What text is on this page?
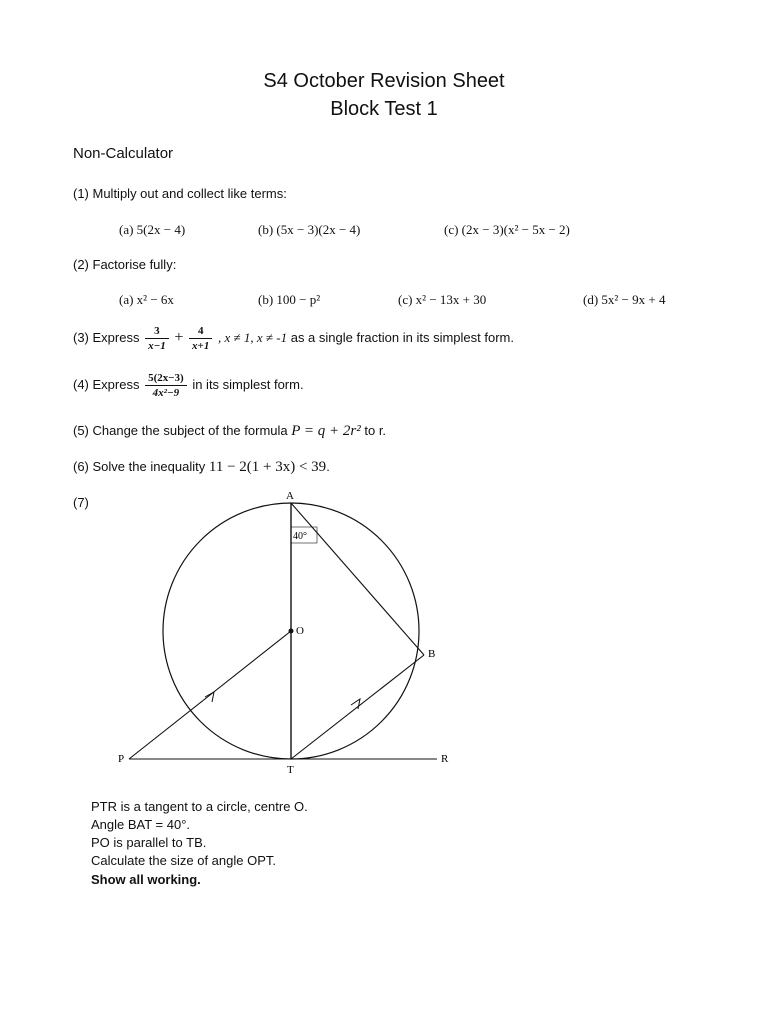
S4 October Revision Sheet
Block Test 1
Non-Calculator
(1) Multiply out and collect like terms:
(a) 5(2x − 4)	(b) (5x − 3)(2x − 4)	(c) (2x − 3)(x² − 5x − 2)
(2) Factorise fully:
(a) x² − 6x	(b) 100 − p²	(c) x² − 13x + 30	(d) 5x² − 9x + 4
(3) Express $\frac{3}{x-1} + \frac{4}{x+1}$ , x ≠ 1, x ≠ -1 as a single fraction in its simplest form.
(4) Express $\frac{5(2x-3)}{\text{4x²−9}}$ in its simplest form.
(5) Change the subject of the formula P = q + 2r² to r.
(6) Solve the inequality 11 − 2(1 + 3x) < 39.
(7)	A
B
O
T
P	R
40°
PTR is a tangent to a circle, centre O.
Angle BAT = 40°.
PO is parallel to TB.
Calculate the size of angle OPT.
Show all working.
